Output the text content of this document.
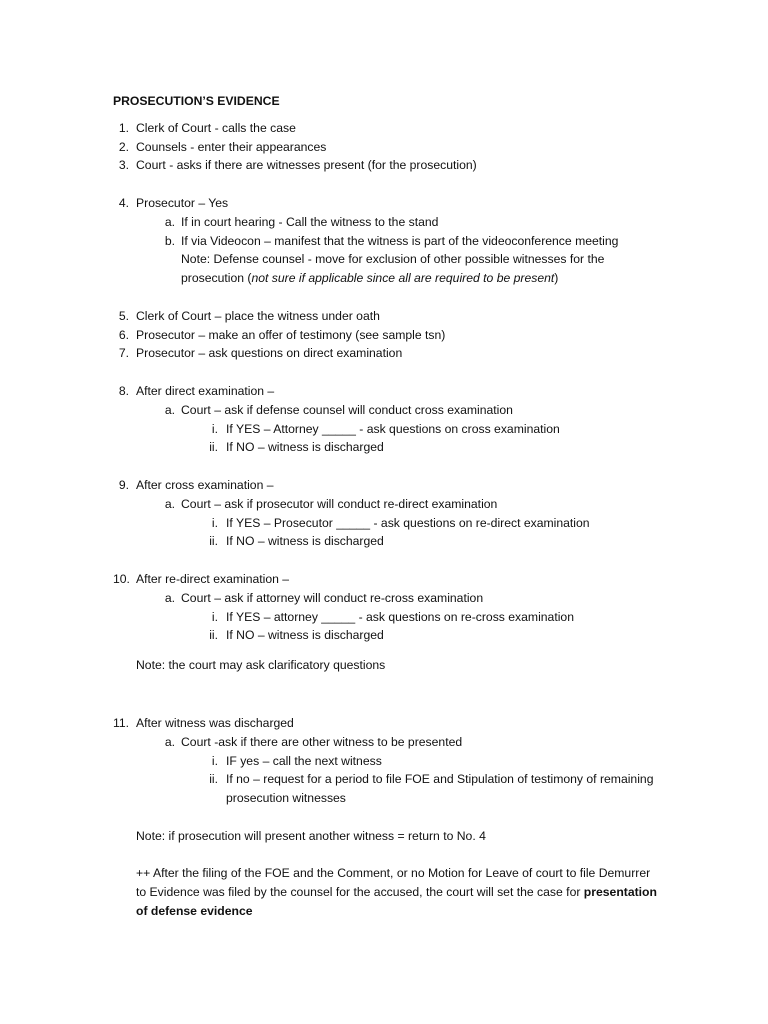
PROSECUTION’S EVIDENCE
1. Clerk of Court - calls the case
2. Counsels - enter their appearances
3. Court - asks if there are witnesses present (for the prosecution)
4. Prosecutor – Yes
a. If in court hearing - Call the witness to the stand
b. If via Videocon – manifest that the witness is part of the videoconference meeting
Note: Defense counsel - move for exclusion of other possible witnesses for the
prosecution (not sure if applicable since all are required to be present)
5. Clerk of Court – place the witness under oath
6. Prosecutor – make an offer of testimony (see sample tsn)
7. Prosecutor – ask questions on direct examination
8. After direct examination –
a. Court – ask if defense counsel will conduct cross examination
i. If YES – Attorney _____ - ask questions on cross examination
ii. If NO – witness is discharged
9. After cross examination –
a. Court – ask if prosecutor will conduct re-direct examination
i. If YES – Prosecutor _____ - ask questions on re-direct examination
ii. If NO – witness is discharged
10. After re-direct examination –
a. Court – ask if attorney will conduct re-cross examination
i. If YES – attorney _____ - ask questions on re-cross examination
ii. If NO – witness is discharged
Note: the court may ask clarificatory questions
11. After witness was discharged
a. Court -ask if there are other witness to be presented
i. IF yes – call the next witness
ii. If no – request for a period to file FOE and Stipulation of testimony of remaining
prosecution witnesses
Note: if prosecution will present another witness = return to No. 4
++ After the filing of the FOE and the Comment, or no Motion for Leave of court to file Demurrer
to Evidence was filed by the counsel for the accused, the court will set the case for presentation
of defense evidence
